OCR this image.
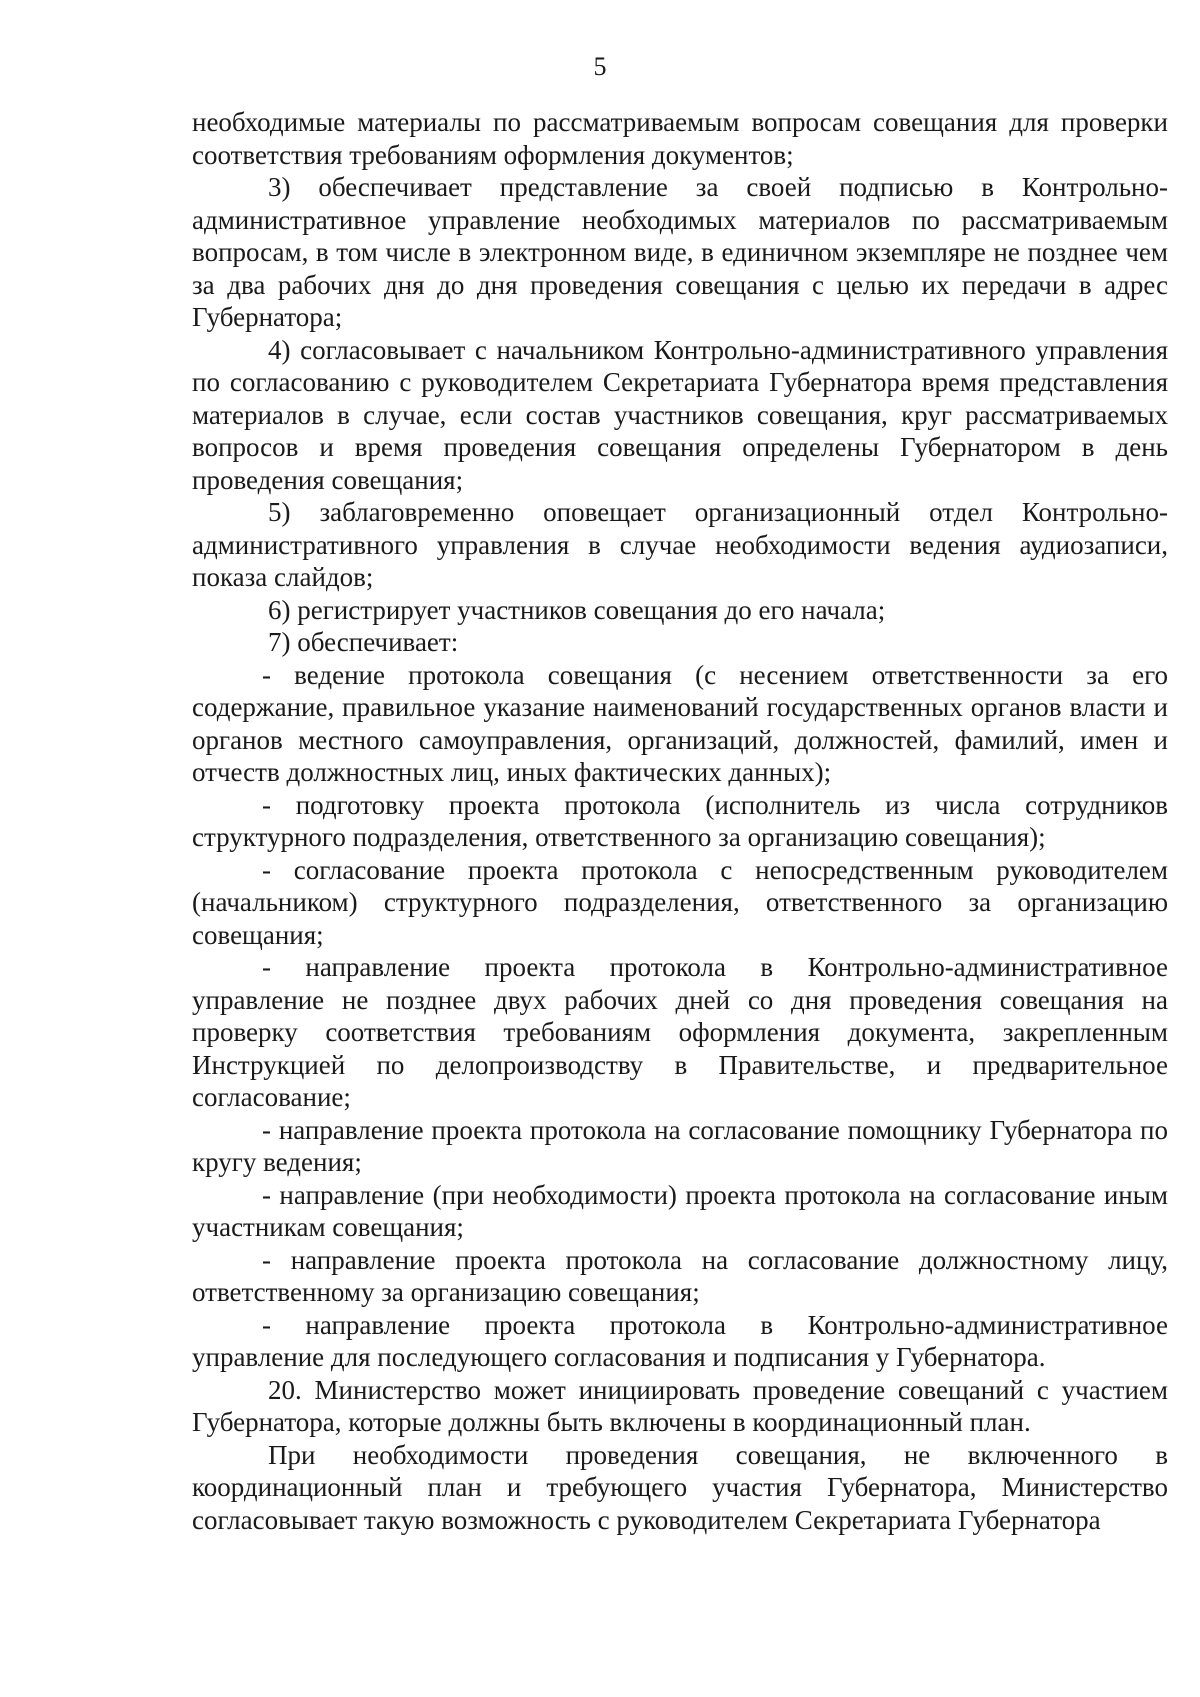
5

необходимые материалы по рассматриваемым вопросам совещания для проверки соответствия требованиям оформления документов;

3) обеспечивает представление за своей подписью в Контрольно-административное управление необходимых материалов по рассматриваемым вопросам, в том числе в электронном виде, в единичном экземпляре не позднее чем за два рабочих дня до дня проведения совещания с целью их передачи в адрес Губернатора;

4) согласовывает с начальником Контрольно-административного управления по согласованию с руководителем Секретариата Губернатора время представления материалов в случае, если состав участников совещания, круг рассматриваемых вопросов и время проведения совещания определены Губернатором в день проведения совещания;

5) заблаговременно оповещает организационный отдел Контрольно-административного управления в случае необходимости ведения аудиозаписи, показа слайдов;

6) регистрирует участников совещания до его начала;

7) обеспечивает:

- ведение протокола совещания (с несением ответственности за его содержание, правильное указание наименований государственных органов власти и органов местного самоуправления, организаций, должностей, фамилий, имен и отчеств должностных лиц, иных фактических данных);

- подготовку проекта протокола (исполнитель из числа сотрудников структурного подразделения, ответственного за организацию совещания);

- согласование проекта протокола с непосредственным руководителем (начальником) структурного подразделения, ответственного за организацию совещания;

- направление проекта протокола в Контрольно-административное управление не позднее двух рабочих дней со дня проведения совещания на проверку соответствия требованиям оформления документа, закрепленным Инструкцией по делопроизводству в Правительстве, и предварительное согласование;

- направление проекта протокола на согласование помощнику Губернатора по кругу ведения;

- направление (при необходимости) проекта протокола на согласование иным участникам совещания;

- направление проекта протокола на согласование должностному лицу, ответственному за организацию совещания;

- направление проекта протокола в Контрольно-административное управление для последующего согласования и подписания у Губернатора.

20. Министерство может инициировать проведение совещаний с участием Губернатора, которые должны быть включены в координационный план.

При необходимости проведения совещания, не включенного в координационный план и требующего участия Губернатора, Министерство согласовывает такую возможность с руководителем Секретариата Губернатора
